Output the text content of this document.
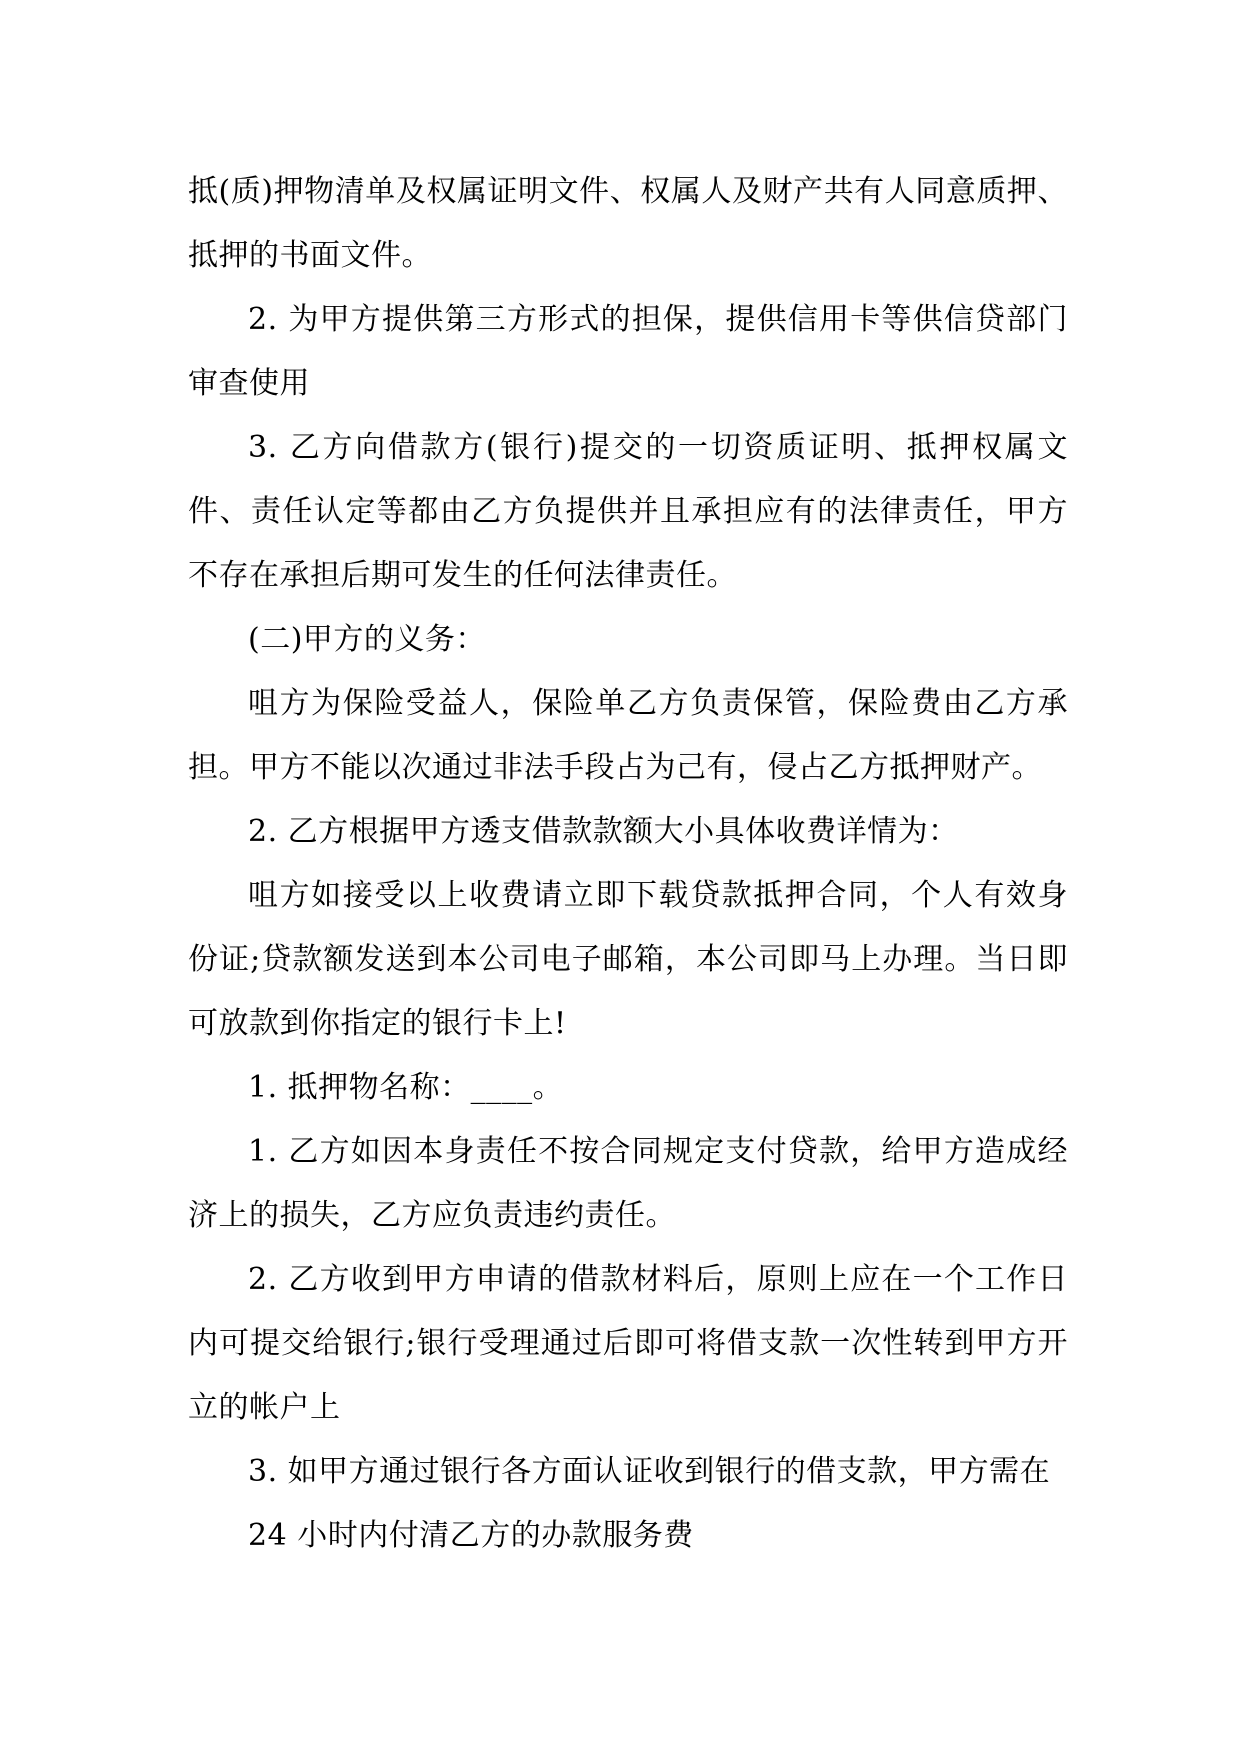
抵(质)押物清单及权属证明文件、权属人及财产共有人同意质押、抵押的书面文件。

2. 为甲方提供第三方形式的担保，提供信用卡等供信贷部门审查使用

3. 乙方向借款方(银行)提交的一切资质证明、抵押权属文件、责任认定等都由乙方负提供并且承担应有的法律责任，甲方不存在承担后期可发生的任何法律责任。

(二)甲方的义务：

咀方为保险受益人，保险单乙方负责保管，保险费由乙方承担。甲方不能以次通过非法手段占为己有，侵占乙方抵押财产。

2. 乙方根据甲方透支借款款额大小具体收费详情为：

咀方如接受以上收费请立即下载贷款抵押合同，个人有效身份证;贷款额发送到本公司电子邮箱，本公司即马上办理。当日即可放款到你指定的银行卡上!

1. 抵押物名称：____。

1. 乙方如因本身责任不按合同规定支付贷款，给甲方造成经济上的损失，乙方应负责违约责任。

2. 乙方收到甲方申请的借款材料后，原则上应在一个工作日内可提交给银行;银行受理通过后即可将借支款一次性转到甲方开立的帐户上

3. 如甲方通过银行各方面认证收到银行的借支款，甲方需在

24 小时内付清乙方的办款服务费
